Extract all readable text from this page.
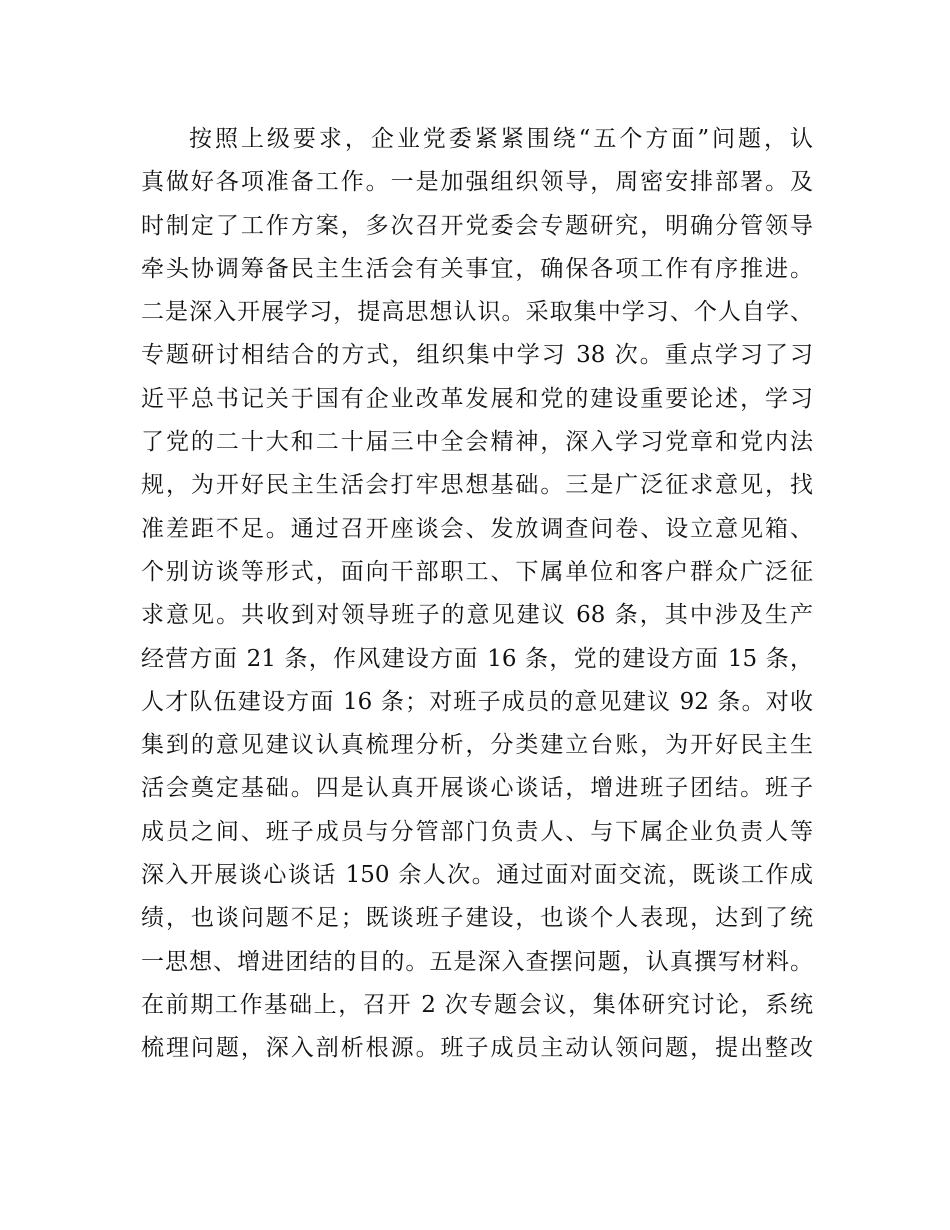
按照上级要求，企业党委紧紧围绕“五个方面”问题，认
真做好各项准备工作。一是加强组织领导，周密安排部署。及
时制定了工作方案，多次召开党委会专题研究，明确分管领导
牵头协调筹备民主生活会有关事宜，确保各项工作有序推进。
二是深入开展学习，提高思想认识。采取集中学习、个人自学、
专题研讨相结合的方式，组织集中学习 38 次。重点学习了习
近平总书记关于国有企业改革发展和党的建设重要论述，学习
了党的二十大和二十届三中全会精神，深入学习党章和党内法
规，为开好民主生活会打牢思想基础。三是广泛征求意见，找
准差距不足。通过召开座谈会、发放调查问卷、设立意见箱、
个别访谈等形式，面向干部职工、下属单位和客户群众广泛征
求意见。共收到对领导班子的意见建议 68 条，其中涉及生产
经营方面 21 条，作风建设方面 16 条，党的建设方面 15 条，
人才队伍建设方面 16 条；对班子成员的意见建议 92 条。对收
集到的意见建议认真梳理分析，分类建立台账，为开好民主生
活会奠定基础。四是认真开展谈心谈话，增进班子团结。班子
成员之间、班子成员与分管部门负责人、与下属企业负责人等
深入开展谈心谈话 150 余人次。通过面对面交流，既谈工作成
绩，也谈问题不足；既谈班子建设，也谈个人表现，达到了统
一思想、增进团结的目的。五是深入查摆问题，认真撰写材料。
在前期工作基础上，召开 2 次专题会议，集体研究讨论，系统
梳理问题，深入剖析根源。班子成员主动认领问题，提出整改
